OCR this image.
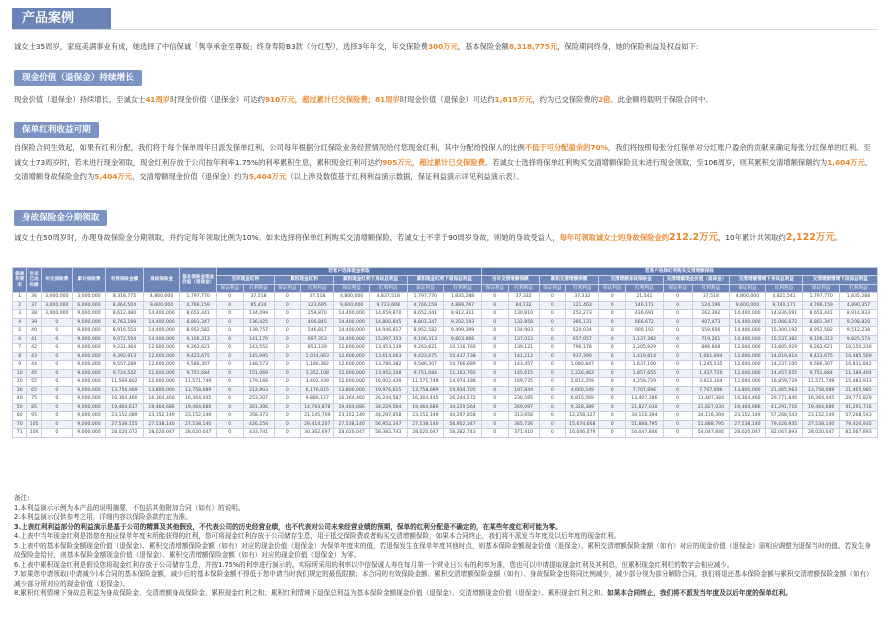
产品案例
诚女士35周岁，家庭美满事业有成，她选择了中信保诚「隽享承金至尊版」终身寿险B3款（分红型），选择3年年交，年交保险费300万元，基本保险金额8,318,775元，保险期间终身，她的保险利益及权益如下:
现金价值（退保金）持续增长
现金价值（退保金）持续增长，至诚女士41周岁时现金价值（退保金）可达约910万元，超过累计已交保险费；81周岁时现金价值（退保金）可达约1,815万元，约为已交保险费的2倍。此金额将载明于保险合同中。
保单红利收益可期
自保险合同生效起，如果有红利分配，我们将于每个保单周年日派发保单红利，公司每年根据分红保险业务经营情况给付您现金红利，其中分配给投保人的比例不低于可分配盈余的70%，我们将按照每张分红保单对分红账户盈余的贡献来确定每张分红保单的红利。至诚女士73周岁时，若未进行现金领取，现金红利存放于公司按年利率1.75%的利率累积生息，累积现金红利可达约905万元，超过累计已交保险费。若诚女士选择将保单红利购买交清增额保险且未进行现金领取，至106周岁，则其累积交清增额保额约为1,604万元，交清增额身故保险金约为5,404万元，交清增额现金价值（退保金）约为5,404万元（以上涉及数值基于红利利益演示数据，保证利益演示详见利益演示表）。
身故保险金分期领取
诚女士在50周岁时，办理身故保险金分期领取，并约定每年领取比例为10%。如未选择将保单红利购买交清增额保险，若诚女士不幸于90周岁身故，则她的身故受益人，每年可领取诚女士的身故保险金约212.2万元，10年累计共领取约2,122万元。
保单年度末	年末已达年龄	年交保险费	累计保险费	有效保险金额	身故保险金	基本保险金现金价值（退保金）	若客户选择现金领取								若客户选择红利购买交清增额保险											
							当年现金红利		累积现金红利		累积现金红利下身故总利益		累积现金红利下退保总利益		当年交清增额保额		累积交清增额保额		交清增额身故保险金		交清增额现金价值（退保金）		交清增额情境下身故总利益		交清增额情境下退保总利益	
							保证利益	红利利益	保证利益	红利利益	保证利益	红利利益	保证利益	红利利益	保证利益	红利利益	保证利益	红利利益	保证利益	红利利益	保证利益	红利利益	保证利益	红利利益	保证利益	红利利益
1	36	3,000,000	3,000,000	8,318,775	4,800,000	1,797,770	0	37,518	0	37,518	4,800,000	4,837,518	1,797,770	1,835,288	0	37,332	0	37,332	0	21,541	0	37,518	4,800,000	4,821,541	1,797,770	1,835,288
2	37	3,000,000	6,000,000	8,464,504	9,600,000	4,766,159	0	85,434	0	123,695	9,600,000	9,723,608	4,766,159	4,889,767	0	84,132	0	121,463	0	140,171	0	124,196	9,600,000	9,740,171	4,766,159	4,890,357
3	38	3,000,000	9,000,000	8,612,480	14,400,000	8,652,441	0	134,099	0	259,870	14,400,000	14,659,870	8,652,441	8,912,311	0	130,810	0	252,273	0	436,691	0	262,392	14,400,000	14,836,691	8,652,441	8,914,833
4	39	0	9,000,000	8,763,199	14,400,000	8,801,347	0	136,425	0	400,845	14,400,000	14,800,845	8,801,347	9,202,193	0	132,858	0	385,131	0	666,672	0	407,473	14,400,000	15,066,672	8,801,347	9,208,820
5	40	0	9,000,000	8,916,554	14,400,000	8,952,582	0	138,757	0	546,817	14,400,000	14,946,817	8,952,582	9,499,399	0	134,903	0	520,034	0	900,192	0	559,656	14,400,000	15,300,192	8,952,582	9,512,238
6	41	0	9,000,000	9,072,594	14,400,000	9,106,313	0	141,170	0	697,353	14,400,000	15,097,353	9,106,313	9,803,666	0	137,023	0	657,057	0	1,137,382	0	719,261	14,400,000	15,537,382	9,106,313	9,825,574
7	42	0	9,000,000	9,231,364	12,600,000	9,263,621	0	143,552	0	853,139	12,600,000	13,453,139	9,263,621	10,116,760	0	139,121	0	796,178	0	1,205,929	0	886,608	12,600,000	13,805,929	9,263,621	10,150,230
8	43	0	9,000,000	9,392,913	12,600,000	9,423,675	0	145,995	0	1,014,063	12,600,000	13,614,063	9,423,675	10,437,738	0	141,212	0	937,390	0	1,419,814	0	1,061,894	12,600,000	14,019,814	9,423,675	10,485,569
9	44	0	9,000,000	9,557,289	12,600,000	9,586,307	0	148,573	0	1,180,382	12,600,000	13,780,382	9,586,307	10,766,689	0	143,457	0	1,080,847	0	1,637,100	0	1,245,535	12,600,000	14,237,100	9,586,307	10,831,842
10	45	0	9,000,000	9,724,542	12,600,000	9,751,684	0	151,069	0	1,352,108	12,600,000	13,952,108	9,751,684	11,103,792	0	145,615	0	1,226,462	0	1,857,655	0	1,437,720	12,600,000	14,457,655	9,751,684	11,189,404
20	55	0	9,000,000	11,569,802	12,600,000	11,571,749	0	179,166	0	3,402,439	12,600,000	16,002,439	11,571,749	14,974,188	0	169,735	0	2,812,359	0	4,259,729	0	3,912,164	12,600,000	16,859,729	11,571,749	15,483,913
30	65	0	9,000,000	13,756,909	13,800,000	13,758,089	0	212,903	0	6,176,615	13,800,000	19,976,615	13,758,089	19,934,705	0	197,844	0	4,660,549	0	7,707,896	0	7,707,896	13,800,000	21,465,983	13,758,089	21,465,985
40	75	0	9,000,000	16,364,460	16,364,460	16,364,445	0	253,307	0	9,880,127	16,364,460	26,244,587	16,364,445	26,244,572	0	230,595	0	6,815,569	0	13,407,386	0	13,407,384	16,364,460	29,771,846	16,364,445	29,771,829
50	85	0	9,000,000	19,464,617	19,464,686	19,464,686	0	301,306	0	14,764,878	19,464,686	34,229,564	19,464,686	34,229,564	0	269,097	0	9,328,389	0	21,827,030	0	21,827,030	19,464,686	41,291,716	19,464,686	41,291,716
60	95	0	9,000,000	23,152,089	23,152,149	23,152,149	0	358,373	0	21,145,709	23,152,149	44,297,858	23,152,149	44,297,858	0	313,658	0	12,258,327	0	34,116,394	0	34,116,394	23,152,149	57,268,543	23,152,149	57,268,543
70	105	0	9,000,000	27,538,155	27,538,140	27,538,140	0	426,254	0	29,414,207	27,538,140	56,952,347	27,538,140	56,952,347	0	365,726	0	15,674,668	0	51,888,795	0	51,888,795	27,538,140	79,426,935	27,538,140	79,426,935
71	106	0	9,000,000	28,020,072	28,020,047	28,020,047	0	433,741	0	30,362,697	28,020,047	58,382,743	28,020,047	58,382,743	0	371,410	0	16,046,079	0	54,047,846	0	54,047,846	28,020,047	82,067,893	28,020,047	82,067,893
备注:
1.本利益演示示例为本产品的说明摘要，不包括其他附加合同（如有）的说明。
2.本利益演示仅供参考之用，详细内容以保险条款约定为准。
3.上表红利利益部分的利益演示是基于公司的精算及其他假设，不代表公司的历史经营业绩，也不代表对公司未来经营业绩的预期，保单的红利分配是不确定的，在某些年度红利可能为零。
4.上表中当年现金红利是指您在相应保单年度末所能获得的红利，您可将现金红利存放于公司储存生息，用于抵交保险费或者购买交清增额保险，如果本合同终止，我们将不派发当年度及以后年度的现金红利。
5.上表中的基本保险金额现金价值（退保金）、累积交清增额保险金额（如有）对应的现金价值（退保金）为保单年度末的值，若退保发生在保单年度其他时点，则基本保险金额现金价值（退保金）、累积交清增额保险金额（如有）对应的现金价值（退保金）需相应调整为退保当时的值。若发生身故保险金给付，则基本保险金额现金价值（退保金）、累积交清增额保险金额（如有）对应的现金价值（退保金）为零。
6.上表中累积现金红利是假设您将现金红利存放于公司储存生息，并按1.75%的利率进行演示的。实际所采用的利率以中信保诚人寿在每月第一个营业日公布的利率为准，您也可以申请提取现金红利及其利息，但累积现金红利栏的数字会相应减少。
7.如果您申请领取(申请减少)本合同的基本保险金额，减少后的基本保险金额不得低于您申请当时我们规定的最低限额；本合同的有效保险金额、累积交清增额保险金额（如有）、身故保险金也将同比例减少，减少部分视为部分解除合同，我们将退还基本保险金额与累积交清增额保险金额（如有）减少部分所对应的现金价值（退保金）。
8.累积红利情境下身故总利益为身故保险金、交清增额身故保险金、累积现金红利之和；累积红利情境下退保总利益为基本保险金额现金价值（退保金）、交清增额现金价值（退保金）、累积现金红利之和。如果本合同终止，我们将不派发当年度及以后年度的保单红利。
